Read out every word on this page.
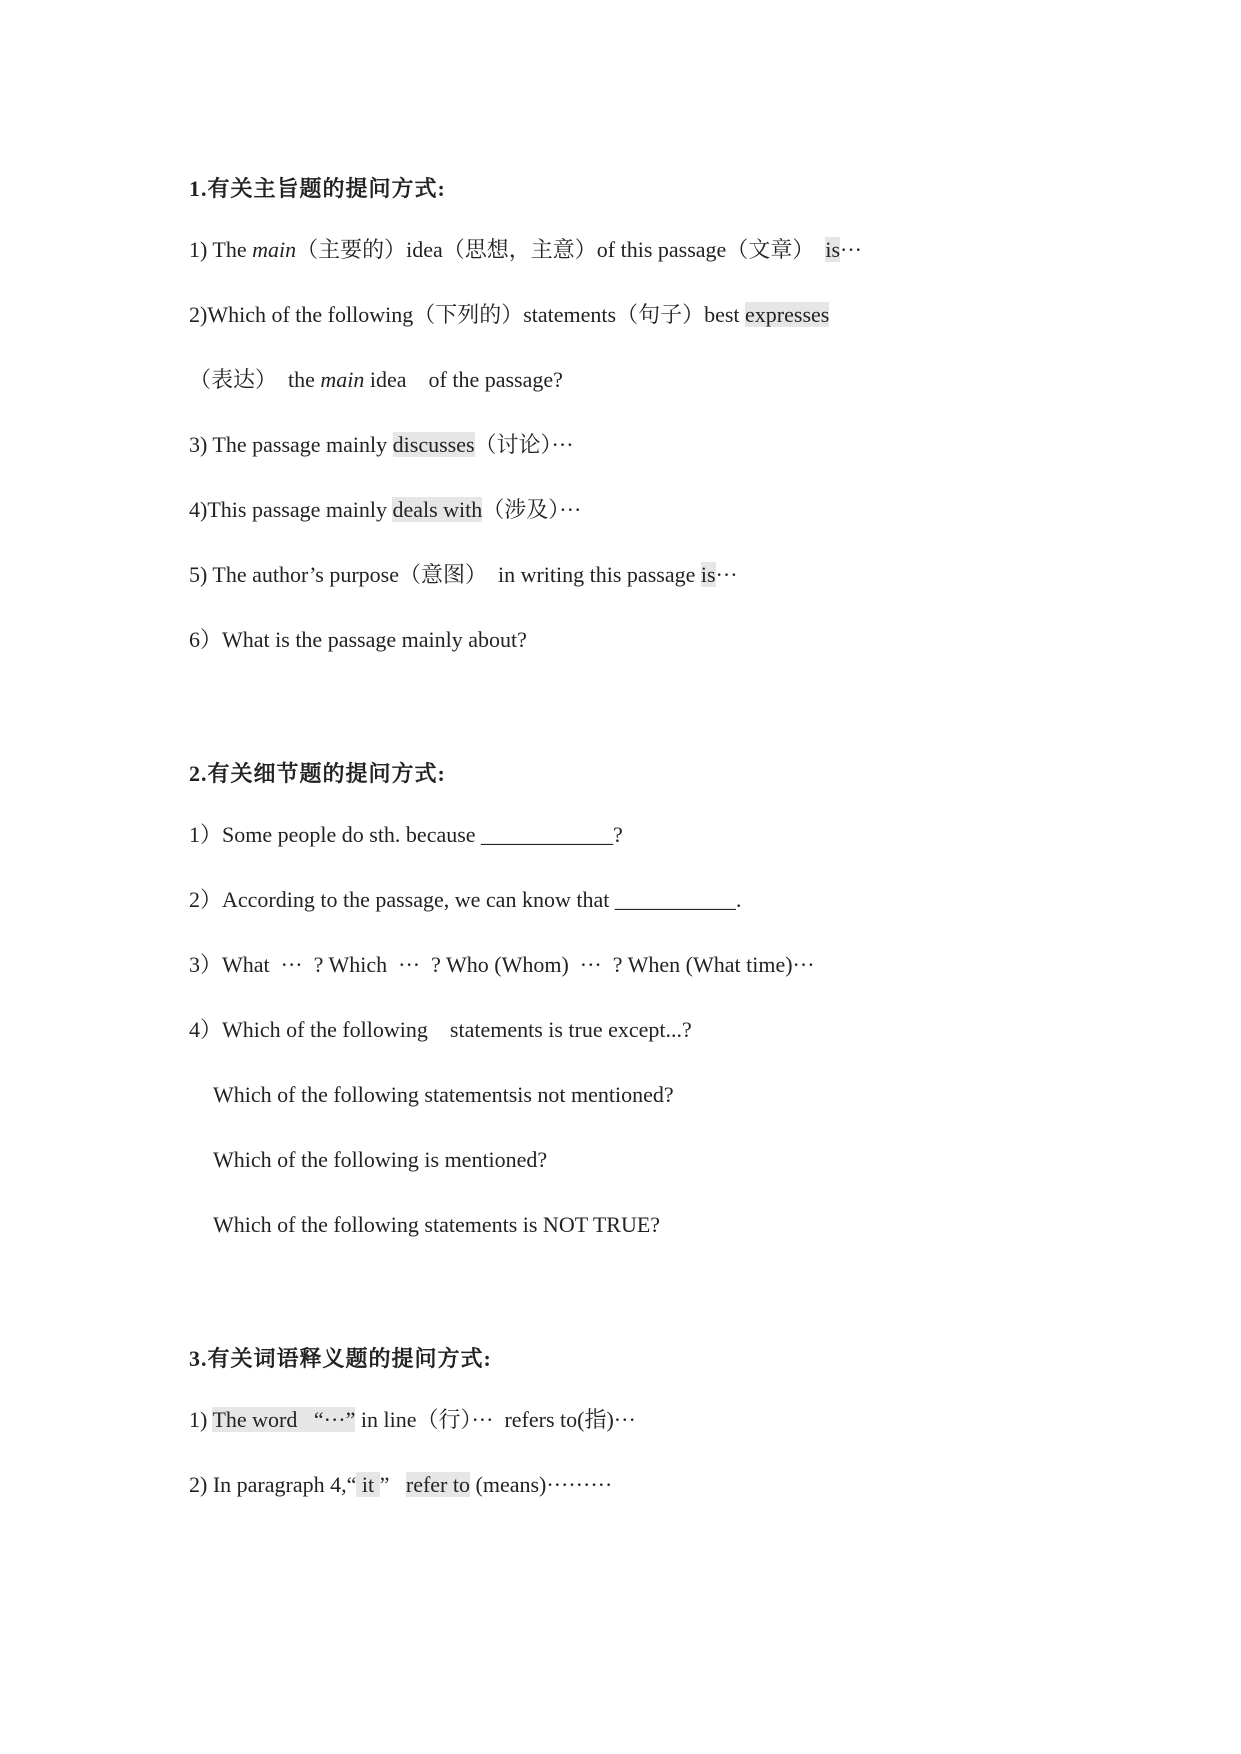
1.有关主旨题的提问方式:
1) The main（主要的）idea（思想，主意）of this passage（文章）  is···
2)Which of the following（下列的）statements（句子）best expresses
（表达）  the main idea    of the passage?
3) The passage mainly discusses（讨论）···
4)This passage mainly deals with（涉及）···
5) The author’s purpose（意图）  in writing this passage is···
6）What is the passage mainly about?
2.有关细节题的提问方式:
1）Some people do sth. because ____________?
2）According to the passage, we can know that ___________.
3）What  ···  ? Which  ···  ? Who (Whom)  ···  ? When (What time)···
4）Which of the following    statements is true except...?
Which of the following statementsis not mentioned?
Which of the following is mentioned?
Which of the following statements is NOT TRUE?
3.有关词语释义题的提问方式:
1) The word   “···” in line（行）···  refers to(指)···
2) In paragraph 4,“ it ”   refer to (means)·········
